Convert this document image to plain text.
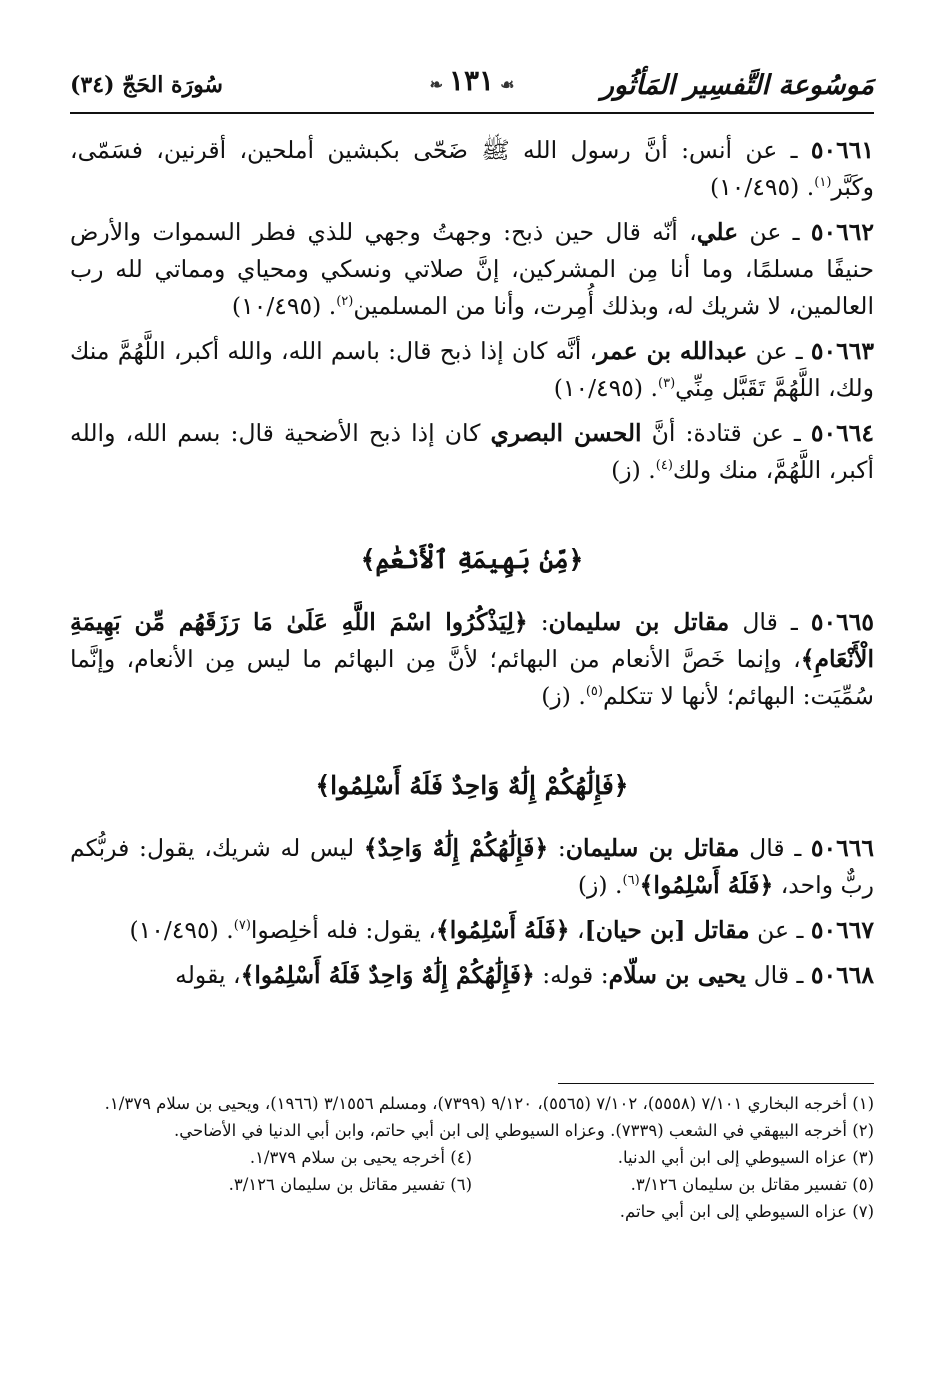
سُورَة الحَجّ (٣٤)	مَوسُوعة التَّفسِير المَأثُور
❧ ١٣١ ☙

٥٠٦٦١ ـ عن أنس: أنَّ رسول الله ﷺ ضَحّى بكبشين أملحين، أقرنين، فسَمّى، وكَبَّر$^{(١)}$. (١٠/٤٩٥)

٥٠٦٦٢ ـ عن علي، أنّه قال حين ذبح: وجهتُ وجهي للذي فطر السموات والأرض حنيفًا مسلمًا، وما أنا مِن المشركين، إنَّ صلاتي ونسكي ومحياي ومماتي لله رب العالمين، لا شريك له، وبذلك أُمِرت، وأنا من المسلمين$^{(٢)}$. (١٠/٤٩٥)

٥٠٦٦٣ ـ عن عبدالله بن عمر، أنَّه كان إذا ذبح قال: باسم الله، والله أكبر، اللَّهُمَّ منك ولك، اللَّهُمَّ تَقَبَّل مِنِّي$^{(٣)}$. (١٠/٤٩٥)

٥٠٦٦٤ ـ عن قتادة: أنَّ الحسن البصري كان إذا ذبح الأضحية قال: بسم الله، والله أكبر، اللَّهُمَّ، منك ولك$^{(٤)}$. (ز)

﴿مِّنۢ بَهِيمَةِ ٱلْأَنْعَٰمِ﴾

٥٠٦٦٥ ـ قال مقاتل بن سليمان: ﴿لِيَذْكُرُوا اسْمَ اللَّهِ عَلَىٰ مَا رَزَقَهُم مِّن بَهِيمَةِ الْأَنْعَامِ﴾، وإنما خَصَّ الأنعام من البهائم؛ لأنَّ مِن البهائم ما ليس مِن الأنعام، وإنَّما سُمِّيَت: البهائم؛ لأنها لا تتكلم$^{(٥)}$. (ز)

﴿فَإِلَٰهُكُمْ إِلَٰهٌ وَاحِدٌ فَلَهُ أَسْلِمُوا﴾

٥٠٦٦٦ ـ قال مقاتل بن سليمان: ﴿فَإِلَٰهُكُمْ إِلَٰهٌ وَاحِدٌ﴾ ليس له شريك، يقول: فربُّكم ربٌّ واحد، ﴿فَلَهُ أَسْلِمُوا﴾$^{(٦)}$. (ز)

٥٠٦٦٧ ـ عن مقاتل [بن حيان]، ﴿فَلَهُ أَسْلِمُوا﴾، يقول: فله أخلِصوا$^{(٧)}$. (١٠/٤٩٥)

٥٠٦٦٨ ـ قال يحيى بن سلّام: قوله: ﴿فَإِلَٰهُكُمْ إِلَٰهٌ وَاحِدٌ فَلَهُ أَسْلِمُوا﴾، يقوله

(١) أخرجه البخاري ٧/١٠١ (٥٥٥٨)، ٧/١٠٢ (٥٥٦٥)، ٩/١٢٠ (٧٣٩٩)، ومسلم ٣/١٥٥٦ (١٩٦٦)، ويحيى بن سلام ١/٣٧٩.

(٢) أخرجه البيهقي في الشعب (٧٣٣٩). وعزاه السيوطي إلى ابن أبي حاتم، وابن أبي الدنيا في الأضاحي.

(٣) عزاه السيوطي إلى ابن أبي الدنيا.

(٤) أخرجه يحيى بن سلام ١/٣٧٩.

(٥) تفسير مقاتل بن سليمان ٣/١٢٦.

(٦) تفسير مقاتل بن سليمان ٣/١٢٦.

(٧) عزاه السيوطي إلى ابن أبي حاتم.
